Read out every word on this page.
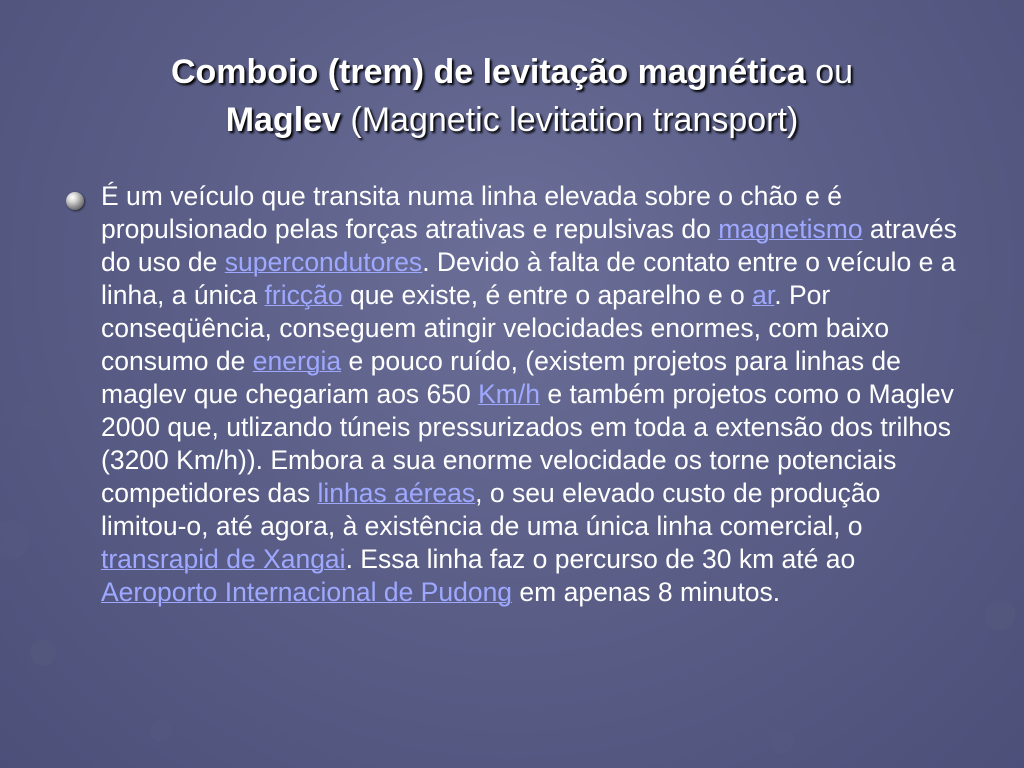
Comboio (trem) de levitação magnética ou
Maglev (Magnetic levitation transport)

É um veículo que transita numa linha elevada sobre o chão e é propulsionado pelas forças atrativas e repulsivas do magnetismo através do uso de supercondutores. Devido à falta de contato entre o veículo e a linha, a única fricção que existe, é entre o aparelho e o ar. Por conseqüência, conseguem atingir velocidades enormes, com baixo consumo de energia e pouco ruído, (existem projetos para linhas de maglev que chegariam aos 650 Km/h e também projetos como o Maglev 2000 que, utlizando túneis pressurizados em toda a extensão dos trilhos (3200 Km/h)). Embora a sua enorme velocidade os torne potenciais competidores das linhas aéreas, o seu elevado custo de produção limitou-o, até agora, à existência de uma única linha comercial, o transrapid de Xangai. Essa linha faz o percurso de 30 km até ao Aeroporto Internacional de Pudong em apenas 8 minutos.
